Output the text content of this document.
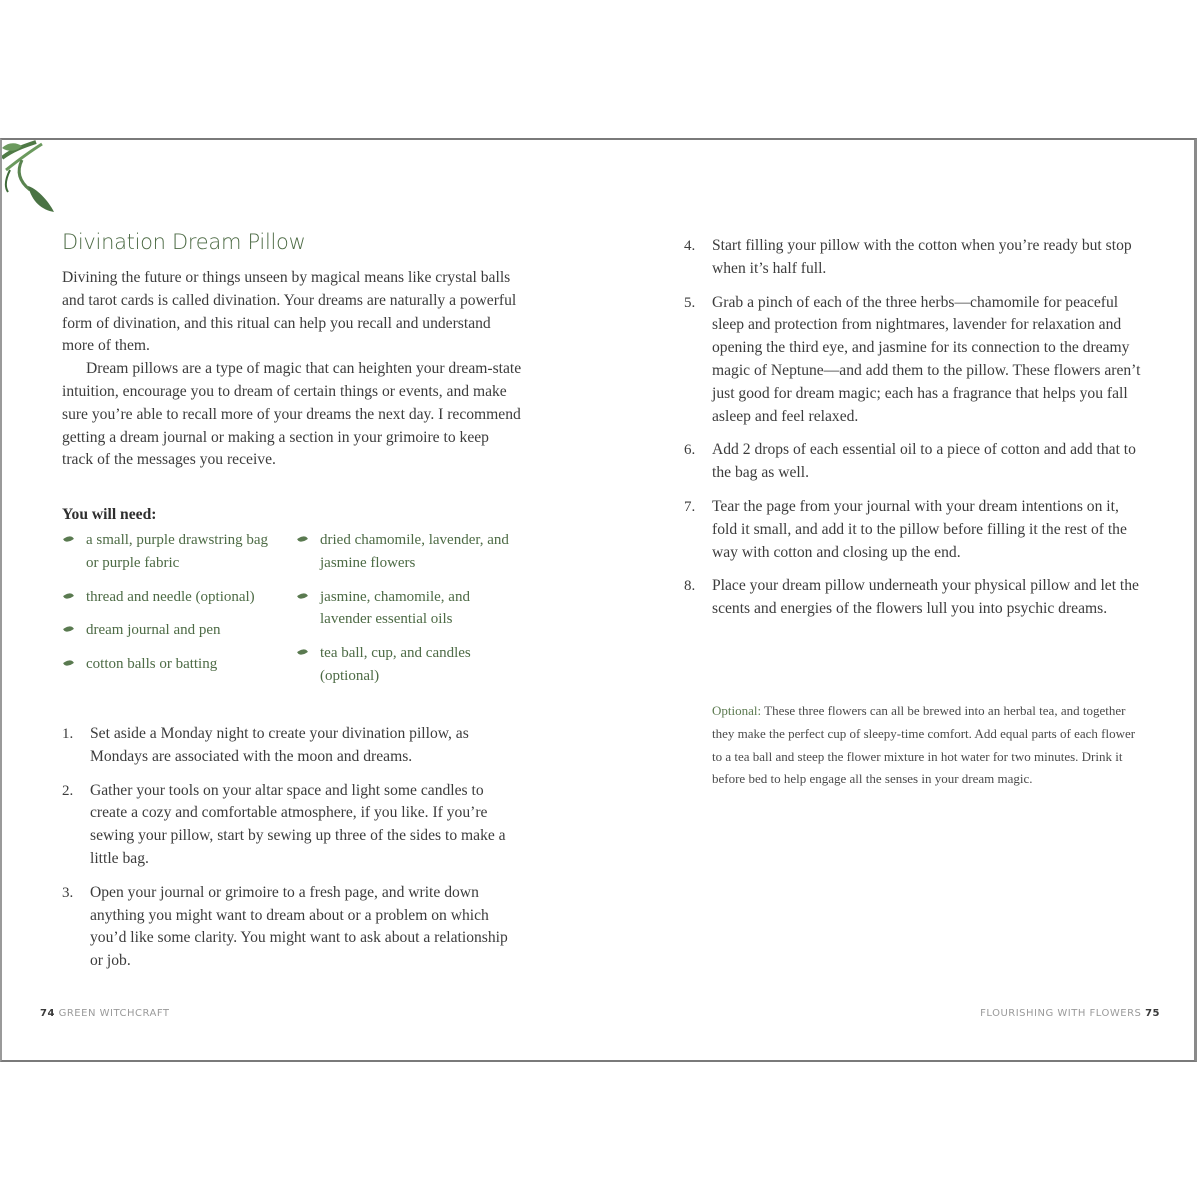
Divination Dream Pillow

Divining the future or things unseen by magical means like crystal balls and tarot cards is called divination. Your dreams are naturally a powerful form of divination, and this ritual can help you recall and understand more of them.

Dream pillows are a type of magic that can heighten your dream-state intuition, encourage you to dream of certain things or events, and make sure you’re able to recall more of your dreams the next day. I recommend getting a dream journal or making a section in your grimoire to keep track of the messages you receive.

You will need:
a small, purple drawstring bag or purple fabric
thread and needle (optional)
dream journal and pen
cotton balls or batting
dried chamomile, lavender, and jasmine flowers
jasmine, chamomile, and lavender essential oils
tea ball, cup, and candles (optional)
1. Set aside a Monday night to create your divination pillow, as Mondays are associated with the moon and dreams.
2. Gather your tools on your altar space and light some candles to create a cozy and comfortable atmosphere, if you like. If you’re sewing your pillow, start by sewing up three of the sides to make a little bag.
3. Open your journal or grimoire to a fresh page, and write down anything you might want to dream about or a problem on which you’d like some clarity. You might want to ask about a relationship or job.
74 GREEN WITCHCRAFT
4. Start filling your pillow with the cotton when you’re ready but stop when it’s half full.
5. Grab a pinch of each of the three herbs—chamomile for peaceful sleep and protection from nightmares, lavender for relaxation and opening the third eye, and jasmine for its connection to the dreamy magic of Neptune—and add them to the pillow. These flowers aren’t just good for dream magic; each has a fragrance that helps you fall asleep and feel relaxed.
6. Add 2 drops of each essential oil to a piece of cotton and add that to the bag as well.
7. Tear the page from your journal with your dream intentions on it, fold it small, and add it to the pillow before filling it the rest of the way with cotton and closing up the end.
8. Place your dream pillow underneath your physical pillow and let the scents and energies of the flowers lull you into psychic dreams.
Optional: These three flowers can all be brewed into an herbal tea, and together they make the perfect cup of sleepy-time comfort. Add equal parts of each flower to a tea ball and steep the flower mixture in hot water for two minutes. Drink it before bed to help engage all the senses in your dream magic.
FLOURISHING WITH FLOWERS 75
